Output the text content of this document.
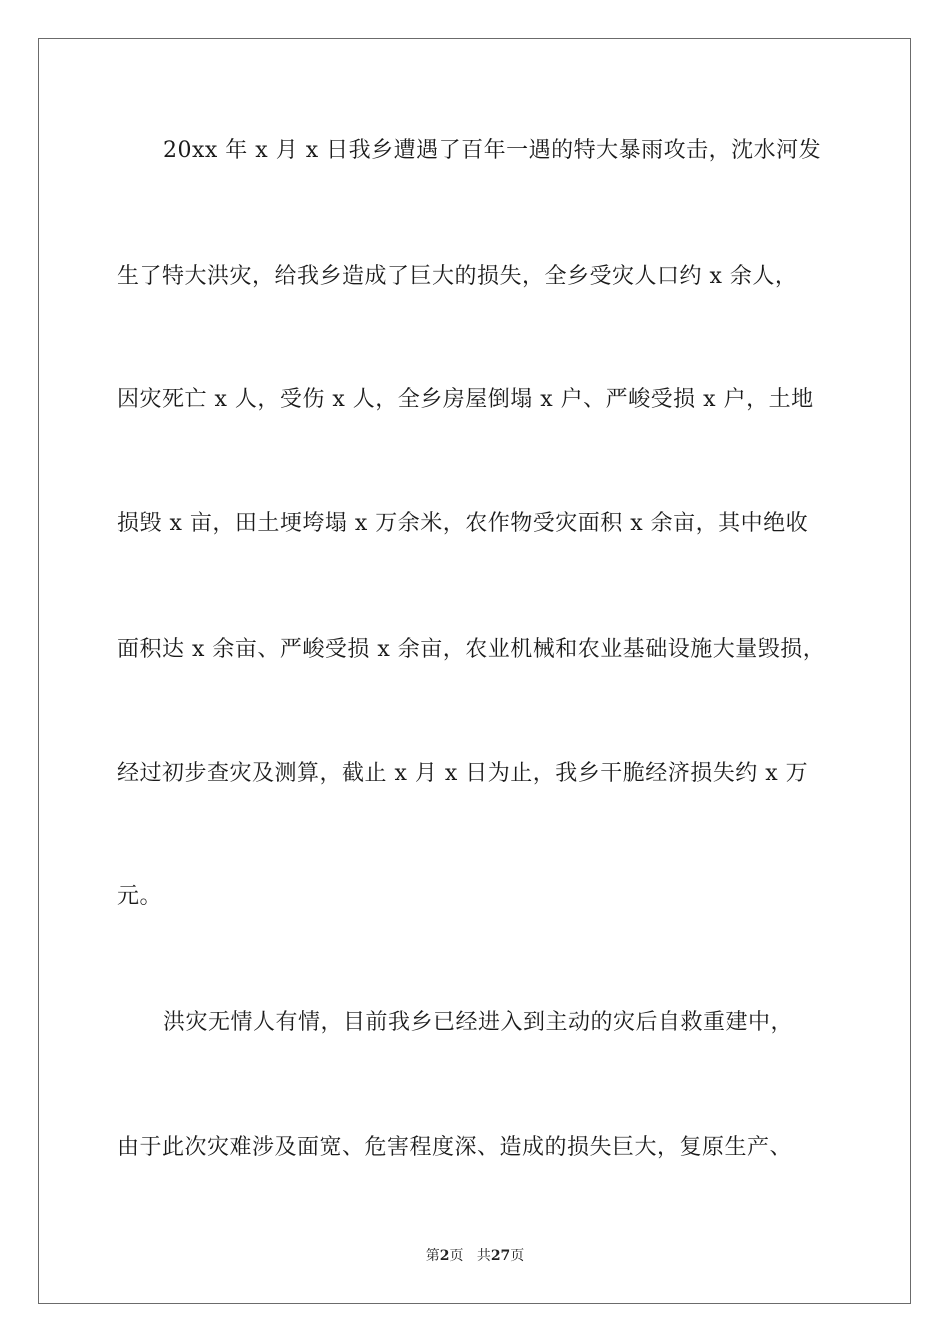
20xx 年 x 月 x 日我乡遭遇了百年一遇的特大暴雨攻击，沈水河发
生了特大洪灾，给我乡造成了巨大的损失，全乡受灾人口约 x 余人，
因灾死亡 x 人，受伤 x 人，全乡房屋倒塌 x 户、严峻受损 x 户，土地
损毁 x 亩，田土埂垮塌 x 万余米，农作物受灾面积 x 余亩，其中绝收
面积达 x 余亩、严峻受损 x 余亩，农业机械和农业基础设施大量毁损，
经过初步查灾及测算，截止 x 月 x 日为止，我乡干脆经济损失约 x 万
元。
洪灾无情人有情，目前我乡已经进入到主动的灾后自救重建中，
由于此次灾难涉及面宽、危害程度深、造成的损失巨大，复原生产、
第2页 共27页
